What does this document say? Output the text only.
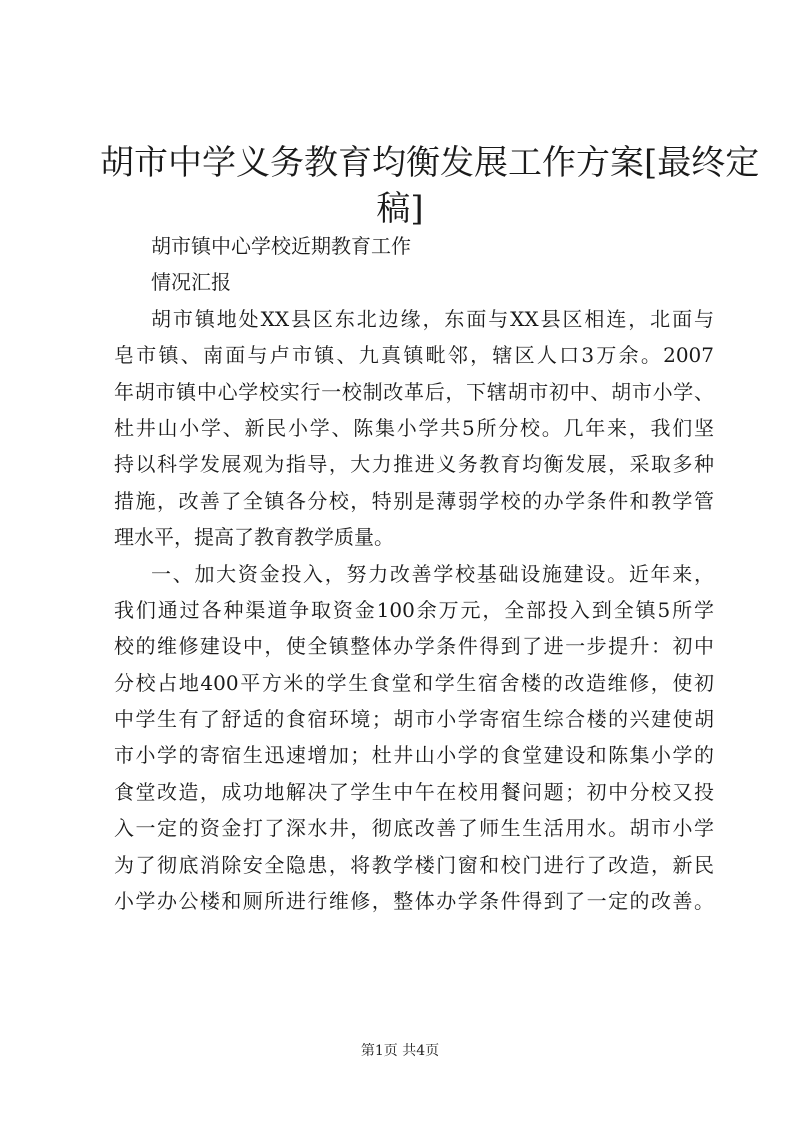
胡市中学义务教育均衡发展工作方案[最终定
稿]
胡市镇中心学校近期教育工作
情况汇报
胡市镇地处XX县区东北边缘，东面与XX县区相连，北面与
皂市镇、南面与卢市镇、九真镇毗邻，辖区人口3万余。2007
年胡市镇中心学校实行一校制改革后，下辖胡市初中、胡市小学、
杜井山小学、新民小学、陈集小学共5所分校。几年来，我们坚
持以科学发展观为指导，大力推进义务教育均衡发展，采取多种
措施，改善了全镇各分校，特别是薄弱学校的办学条件和教学管
理水平，提高了教育教学质量。
一、加大资金投入，努力改善学校基础设施建设。近年来，
我们通过各种渠道争取资金100余万元，全部投入到全镇5所学
校的维修建设中，使全镇整体办学条件得到了进一步提升：初中
分校占地400平方米的学生食堂和学生宿舍楼的改造维修，使初
中学生有了舒适的食宿环境；胡市小学寄宿生综合楼的兴建使胡
市小学的寄宿生迅速增加；杜井山小学的食堂建设和陈集小学的
食堂改造，成功地解决了学生中午在校用餐问题；初中分校又投
入一定的资金打了深水井，彻底改善了师生生活用水。胡市小学
为了彻底消除安全隐患，将教学楼门窗和校门进行了改造，新民
小学办公楼和厕所进行维修，整体办学条件得到了一定的改善。
第1页 共4页
